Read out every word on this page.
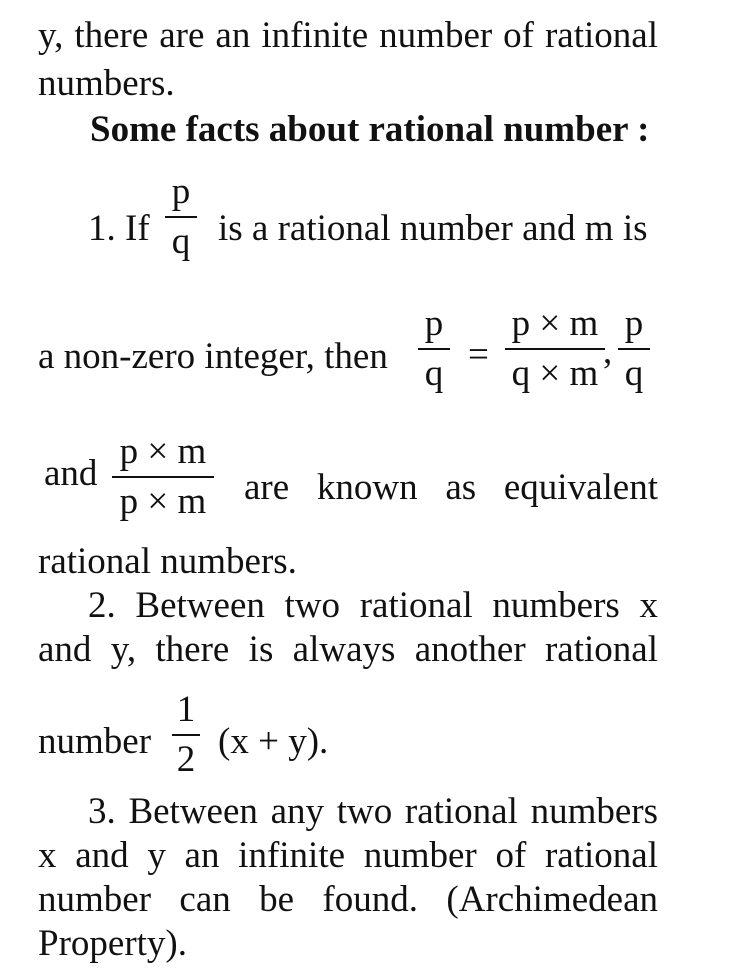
y, there are an infinite number of rational
numbers.
Some facts about rational number :
1. If
p
q is a rational number and m is
a non-zero integer, then
p
q =
p × m
q × m
,
p
q
and
p × m
p × m are known as equivalent
rational numbers.
2. Between two rational numbers x
and y, there is always another rational
number
1
2 (x + y).
3. Between any two rational numbers
x and y an infinite number of rational
number can be found. (Archimedean
Property).
